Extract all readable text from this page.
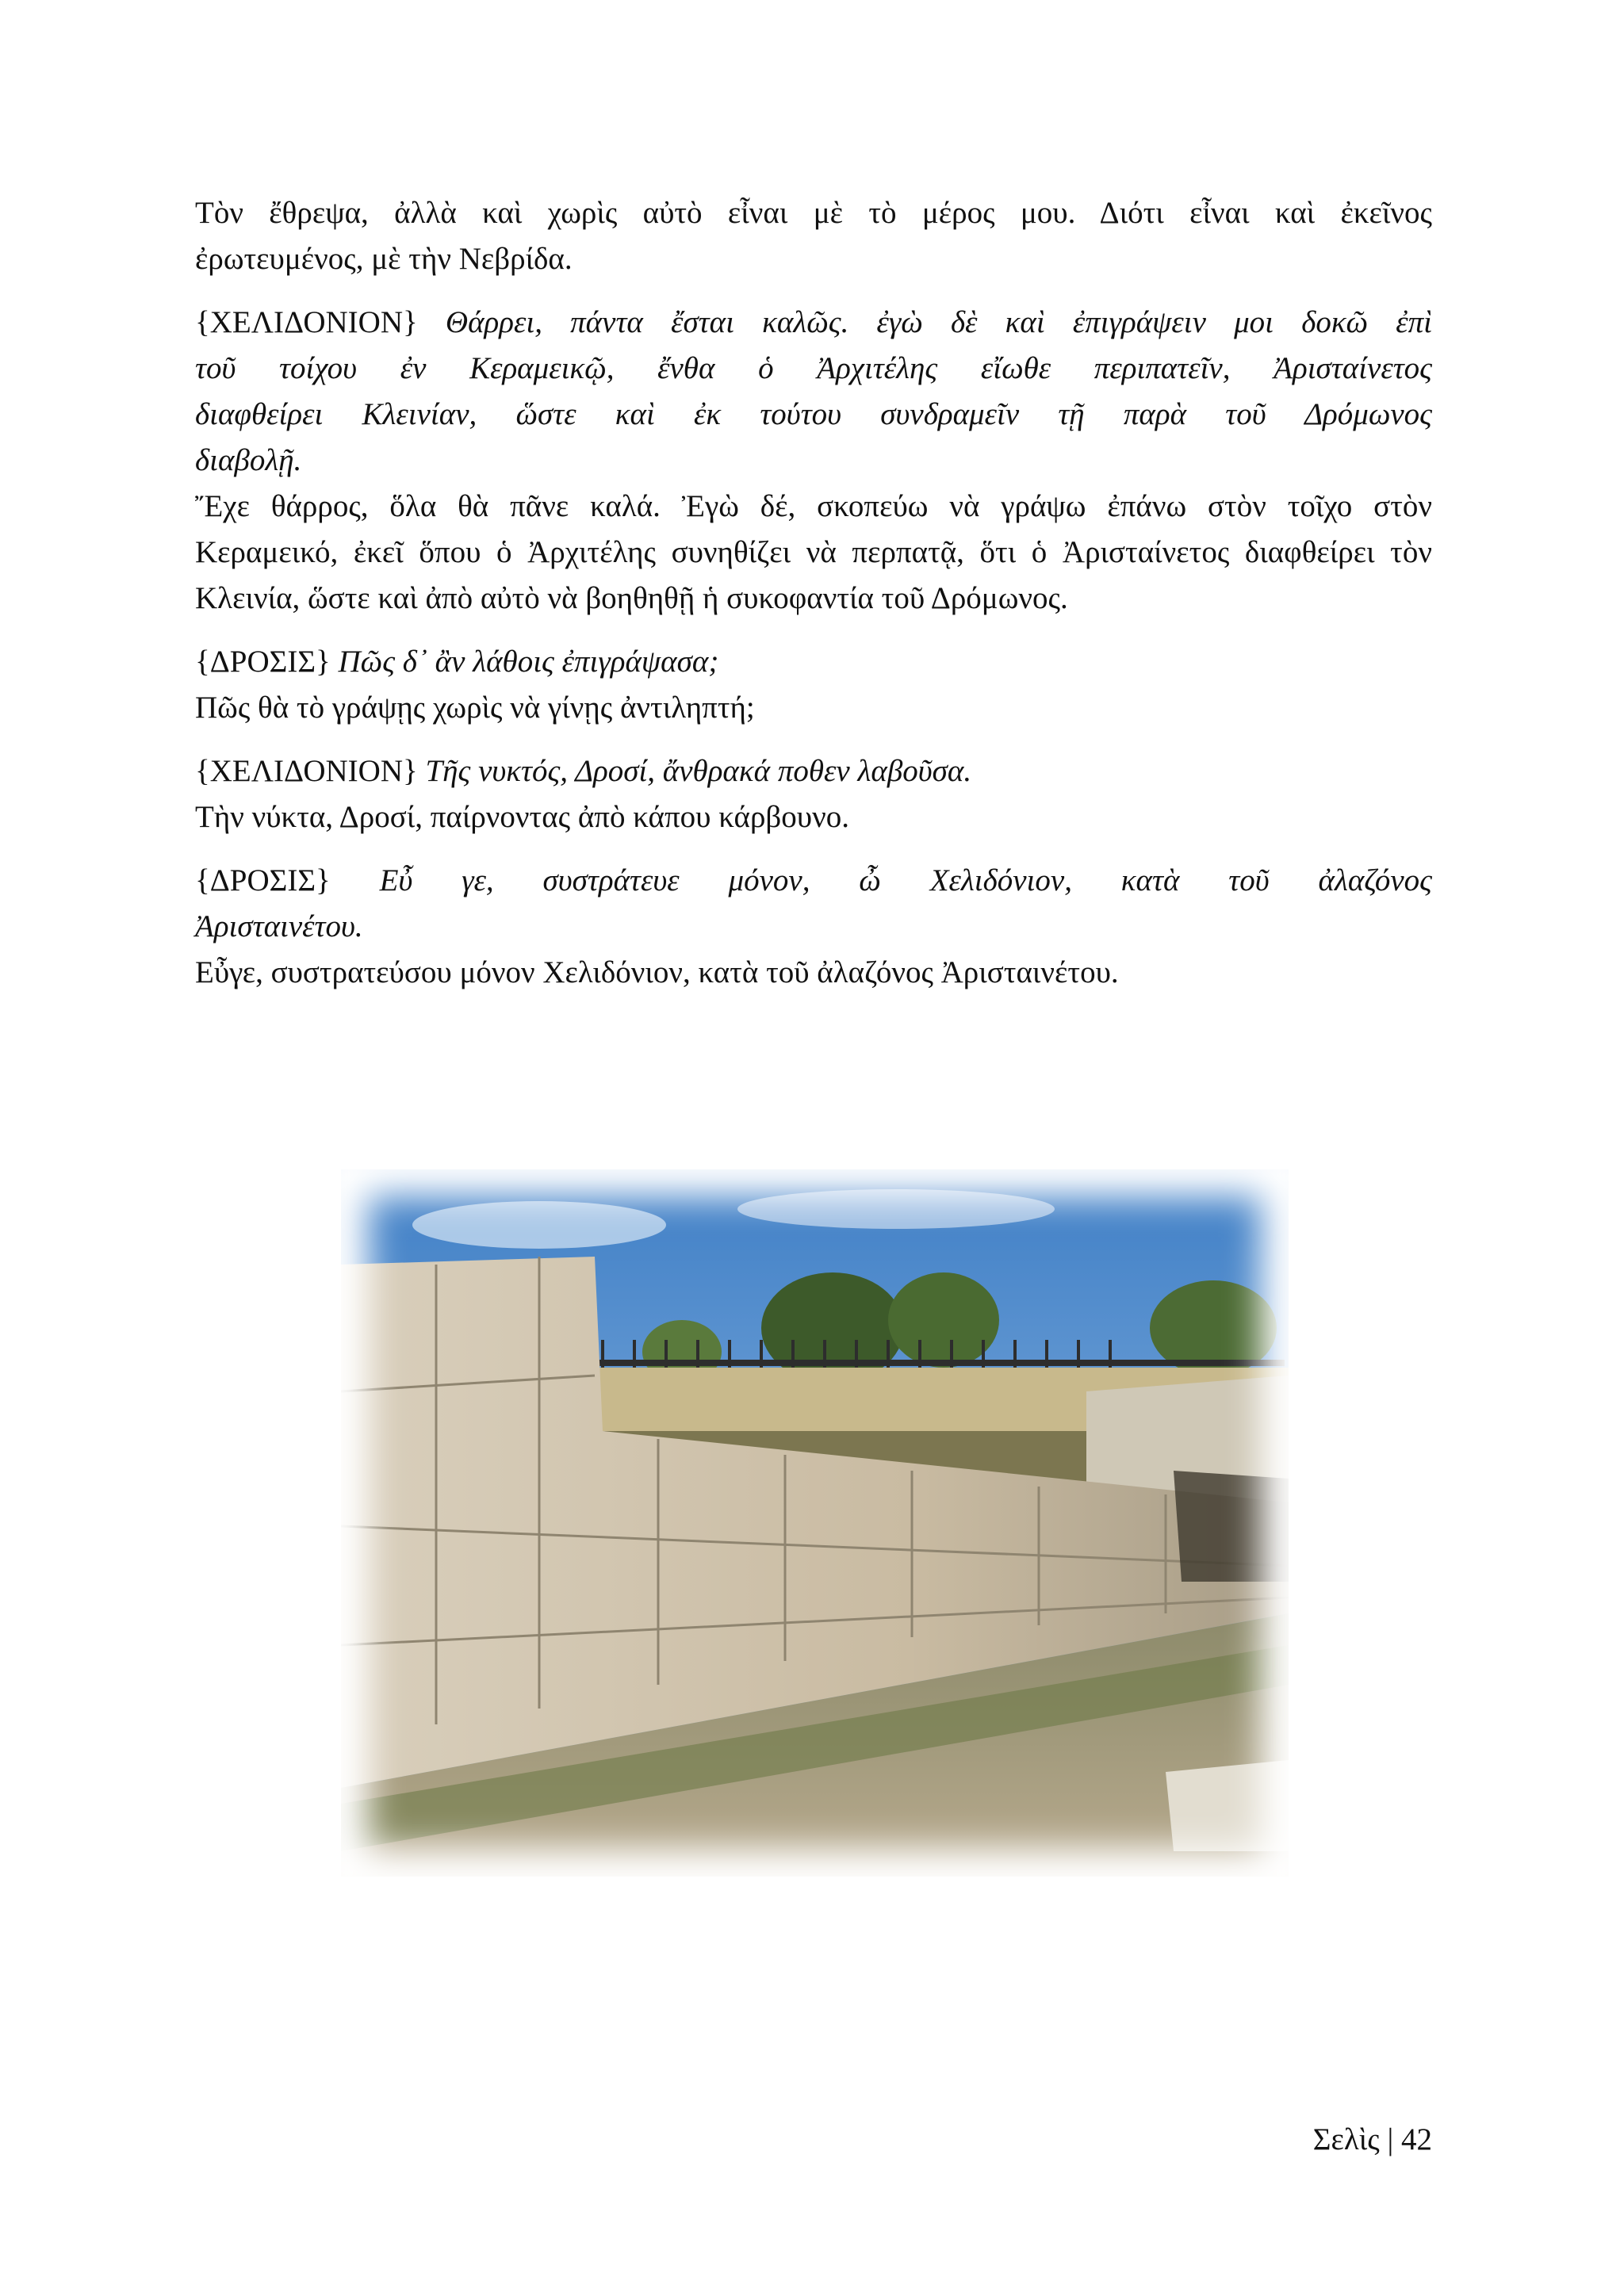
Τὸν ἔθρεψα, ἀλλὰ καὶ χωρὶς αὐτὸ εἶναι μὲ τὸ μέρος μου. Διότι εἶναι καὶ ἐκεῖνος
ἐρωτευμένος, μὲ τὴν Νεβρίδα.
{ΧΕΛΙΔΟΝΙΟΝ} Θάρρει, πάντα ἔσται καλῶς. ἐγὼ δὲ καὶ ἐπιγράψειν μοι δοκῶ ἐπὶ
τοῦ τοίχου ἐν Κεραμεικῷ, ἔνθα ὁ Ἀρχιτέλης εἴωθε περιπατεῖν, Ἀρισταίνετος
διαφθείρει Κλεινίαν, ὥστε καὶ ἐκ τούτου συνδραμεῖν τῇ παρὰ τοῦ Δρόμωνος
διαβολῇ.
Ἔχε θάρρος, ὅλα θὰ πᾶνε καλά. Ἐγὼ δέ, σκοπεύω νὰ γράψω ἐπάνω στὸν τοῖχο στὸν
Κεραμεικό, ἐκεῖ ὅπου ὁ Ἀρχιτέλης συνηθίζει νὰ περπατᾷ, ὅτι ὁ Ἀρισταίνετος διαφθείρει τὸν
Κλεινία, ὥστε καὶ ἀπὸ αὐτὸ νὰ βοηθηθῇ ἡ συκοφαντία τοῦ Δρόμωνος.
{ΔΡΟΣΙΣ} Πῶς δ᾽ ἂν λάθοις ἐπιγράψασα;
Πῶς θὰ τὸ γράψῃς χωρὶς νὰ γίνῃς ἀντιληπτή;
{ΧΕΛΙΔΟΝΙΟΝ} Τῆς νυκτός, Δροσί, ἄνθρακά ποθεν λαβοῦσα.
Τὴν νύκτα, Δροσί, παίρνοντας ἀπὸ κάπου κάρβουνο.
{ΔΡΟΣΙΣ} Εὖ γε, συστράτευε μόνον, ὦ Χελιδόνιον, κατὰ τοῦ ἀλαζόνος
Ἀρισταινέτου.
Εὖγε, συστρατεύσου μόνον Χελιδόνιον, κατὰ τοῦ ἀλαζόνος Ἀρισταινέτου.
Σελὶς | 42
